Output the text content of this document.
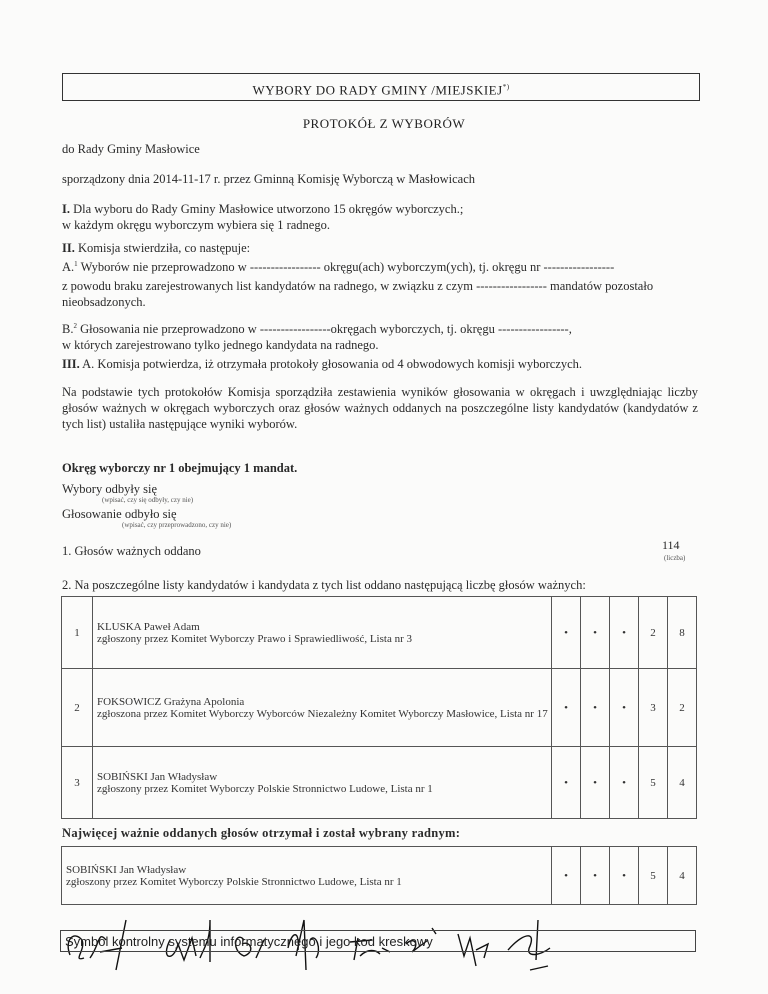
WYBORY DO RADY GMINY /MIEJSKIEJ*)
PROTOKÓŁ Z WYBORÓW
do Rady Gminy Masłowice
sporządzony dnia 2014-11-17 r. przez Gminną Komisję Wyborczą w Masłowicach
I. Dla wyboru do Rady Gminy Masłowice utworzono 15 okręgów wyborczych.;
w każdym okręgu wyborczym wybiera się 1 radnego.
II. Komisja stwierdziła, co następuje:
A.$^1$ Wyborów nie przeprowadzono w ----------------- okręgu(ach) wyborczym(ych), tj. okręgu nr -----------------
z powodu braku zarejestrowanych list kandydatów na radnego, w związku z czym ----------------- mandatów pozostało nieobsadzonych.
B.$^2$ Głosowania nie przeprowadzono w -----------------okręgach wyborczych, tj. okręgu -----------------,
w których zarejestrowano tylko jednego kandydata na radnego.
III. A. Komisja potwierdza, iż otrzymała protokoły głosowania od 4 obwodowych komisji wyborczych.
Na podstawie tych protokołów Komisja sporządziła zestawienia wyników głosowania w okręgach i uwzględniając liczby głosów ważnych w okręgach wyborczych oraz głosów ważnych oddanych na poszczególne listy kandydatów (kandydatów z tych list) ustaliła następujące wyniki wyborów.
Okręg wyborczy nr 1 obejmujący 1 mandat.
Wybory odbyły się
(wpisać, czy się odbyły, czy nie)
Głosowanie odbyło się
(wpisać, czy przeprowadzono, czy nie)
1. Głosów ważnych oddano	114
(liczba)
2. Na poszczególne listy kandydatów i kandydata z tych list oddano następującą liczbę głosów ważnych:
1	KLUSKA Paweł Adam
zgłoszony przez Komitet Wyborczy Prawo i Sprawiedliwość, Lista nr 3	•	•	•	2	8
2	FOKSOWICZ Grażyna Apolonia
zgłoszona przez Komitet Wyborczy Wyborców Niezależny Komitet Wyborczy Masłowice, Lista nr 17	•	•	•	3	2
3	SOBIŃSKI Jan Władysław
zgłoszony przez Komitet Wyborczy Polskie Stronnictwo Ludowe, Lista nr 1	•	•	•	5	4
Najwięcej ważnie oddanych głosów otrzymał i został wybrany radnym:
SOBIŃSKI Jan Władysław
zgłoszony przez Komitet Wyborczy Polskie Stronnictwo Ludowe, Lista nr 1	•	•	•	5	4
Symbol kontrolny systemu informatycznego i jego kod kreskowy
